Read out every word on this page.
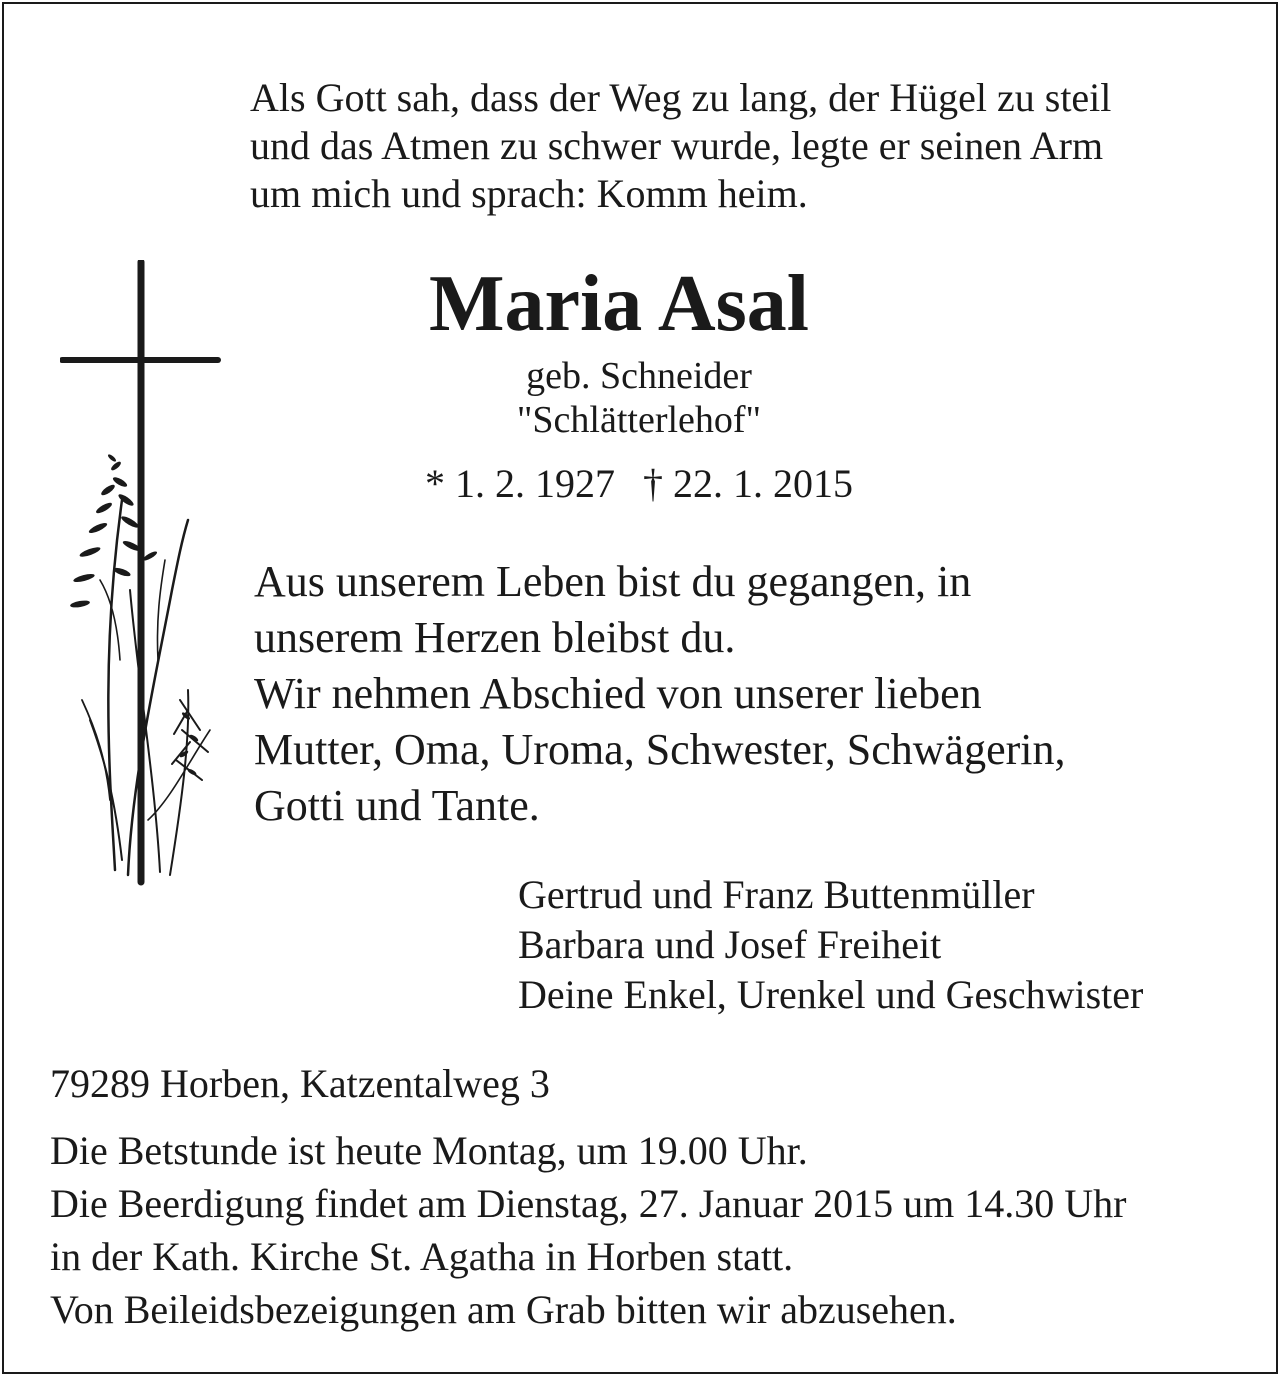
Als Gott sah, dass der Weg zu lang, der Hügel zu steil
und das Atmen zu schwer wurde, legte er seinen Arm
um mich und sprach: Komm heim.
Maria Asal
geb. Schneider
"Schlätterlehof"
* 1. 2. 1927 † 22. 1. 2015
Aus unserem Leben bist du gegangen, in
unserem Herzen bleibst du.
Wir nehmen Abschied von unserer lieben
Mutter, Oma, Uroma, Schwester, Schwägerin,
Gotti und Tante.
Gertrud und Franz Buttenmüller
Barbara und Josef Freiheit
Deine Enkel, Urenkel und Geschwister
79289 Horben, Katzentalweg 3
Die Betstunde ist heute Montag, um 19.00 Uhr.
Die Beerdigung findet am Dienstag, 27. Januar 2015 um 14.30 Uhr
in der Kath. Kirche St. Agatha in Horben statt.
Von Beileidsbezeigungen am Grab bitten wir abzusehen.
